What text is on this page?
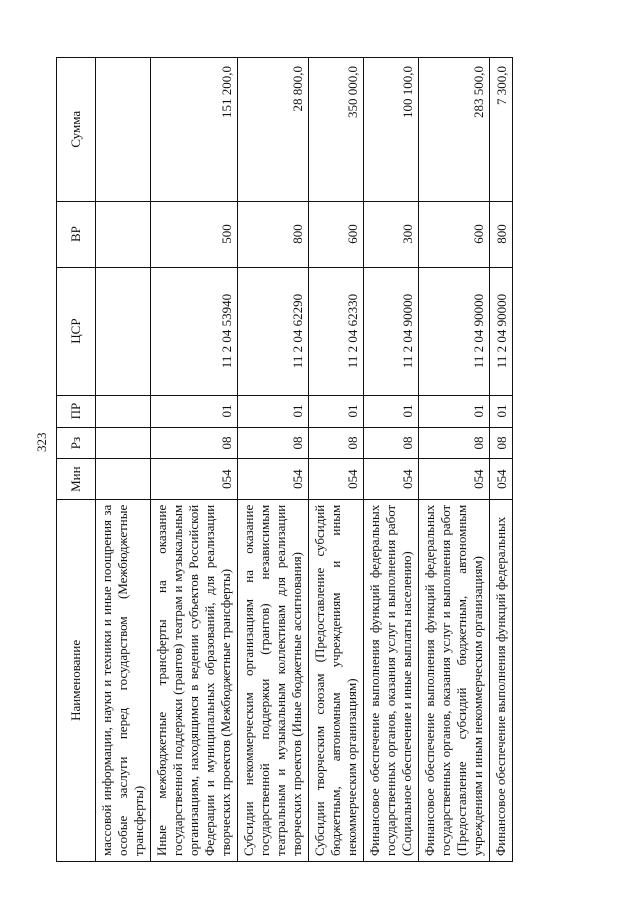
323
Наименование	Мин	Рз	ПР	ЦСР	ВР	Сумма
массовой информации, науки и техники и иные поощрения за особые заслуги перед государством (Межбюджетные трансферты)						
Иные межбюджетные трансферты на оказание государственной поддержки (грантов) театрам и музыкальным организациям, находящимся в ведении субъектов Российской Федерации и муниципальных образований, для реализации творческих проектов (Межбюджетные трансферты)	054	08	01	11 2 04 53940	500	151 200,0
Субсидии некоммерческим организациям на оказание государственной поддержки (грантов) независимым театральным и музыкальным коллективам для реализации творческих проектов (Иные бюджетные ассигнования)	054	08	01	11 2 04 62290	800	28 800,0
Субсидии творческим союзам (Предоставление субсидий бюджетным, автономным учреждениям и иным некоммерческим организациям)	054	08	01	11 2 04 62330	600	350 000,0
Финансовое обеспечение выполнения функций федеральных государственных органов, оказания услуг и выполнения работ (Социальное обеспечение и иные выплаты населению)	054	08	01	11 2 04 90000	300	100 100,0
Финансовое обеспечение выполнения функций федеральных государственных органов, оказания услуг и выполнения работ (Предоставление субсидий бюджетным, автономным учреждениям и иным некоммерческим организациям)	054	08	01	11 2 04 90000	600	283 500,0
Финансовое обеспечение выполнения функций федеральных	054	08	01	11 2 04 90000	800	7 300,0
